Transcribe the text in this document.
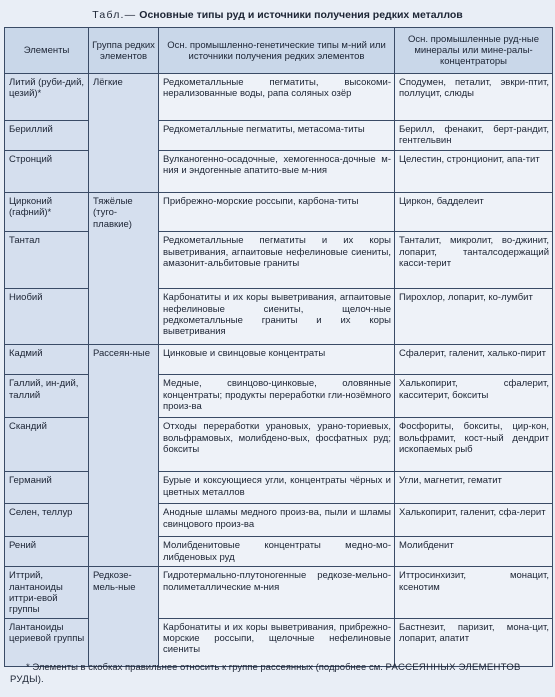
Табл.— Основные типы руд и источники получения редких металлов
Элементы	Группа редких элементов	Осн. промышленно-генетические типы м-ний или источники получения редких элементов	Осн. промышленные руд-ные минералы или мине-ралы-концентраторы
Литий (руби-дий, цезий)*	Лёгкие	Редкометалльные пегматиты, высокоми-нерализованные воды, рапа соляных озёр	Сподумен, петалит, эвкри-птит, поллуцит, слюды
Бериллий		Редкометалльные пегматиты, метасома-титы	Берилл, фенакит, берт-рандит, гентгельвин
Стронций		Вулканогенно-осадочные, хемогенноса-дочные м-ния и эндогенные апатито-вые м-ния	Целестин, стронционит, апа-тит
Цирконий (гафний)*	Тяжёлые (туго-плавкие)	Прибрежно-морские россыпи, карбона-титы	Циркон, бадделеит
Тантал		Редкометалльные пегматиты и их коры выветривания, агпаитовые нефелиновые сиениты, амазонит-альбитовые граниты	Танталит, микролит, во-джинит, лопарит, танталсодержащий касси-терит
Ниобий		Карбонатиты и их коры выветривания, агпаитовые нефелиновые сиениты, щелоч-ные редкометалльные граниты и их коры выветривания	Пирохлор, лопарит, ко-лумбит
Кадмий	Рассеян-ные	Цинковые и свинцовые концентраты	Сфалерит, галенит, халько-пирит
Галлий, ин-дий, таллий		Медные, свинцово-цинковые, оловянные концентраты; продукты переработки гли-нозёмного произ-ва	Халькопирит, сфалерит, касситерит, бокситы
Скандий		Отходы переработки урановых, урано-ториевых, вольфрамовых, молибдено-вых, фосфатных руд; бокситы	Фосфориты, бокситы, цир-кон, вольфрамит, кост-ный дендрит ископаемых рыб
Германий		Бурые и коксующиеся угли, концентраты чёрных и цветных металлов	Угли, магнетит, гематит
Селен, теллур		Анодные шламы медного произ-ва, пыли и шламы свинцового произ-ва	Халькопирит, галенит, сфа-лерит
Рений		Молибденитовые концентраты медно-мо-либденовых руд	Молибденит
Иттрий, лантаноиды иттри-евой группы	Редкозе-мель-ные	Гидротермально-плутоногенные редкозе-мельно-полиметаллические м-ния	Иттросинхизит, монацит, ксенотим
Лантаноиды цериевой группы		Карбонатиты и их коры выветривания, прибрежно-морские россыпи, щелочные нефелиновые сиениты	Бастнезит, паризит, мона-цит, лопарит, апатит
* Элементы в скобках правильнее относить к группе рассеянных (подробнее см. РАССЕЯННЫХ ЭЛЕМЕНТОВ РУДЫ).
